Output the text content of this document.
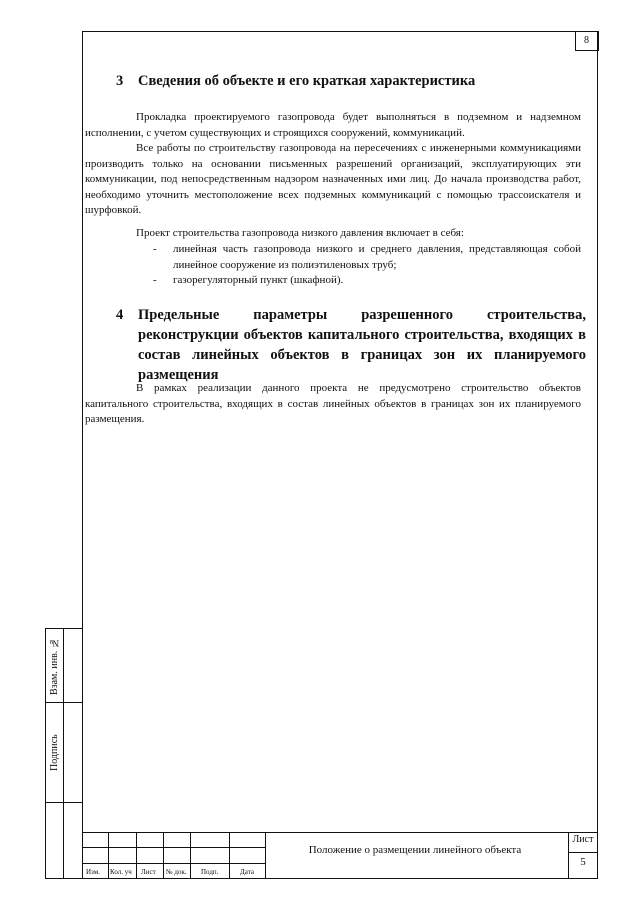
8
3 Сведения об объекте и его краткая характеристика

Прокладка проектируемого газопровода будет выполняться в подземном и надземном исполнении, с учетом существующих и строящихся сооружений, коммуникаций.

Все работы по строительству газопровода на пересечениях с инженерными коммуникациями производить только на основании письменных разрешений организаций, эксплуатирующих эти коммуникации, под непосредственным надзором назначенных ими лиц. До начала производства работ, необходимо уточнить местоположение всех подземных коммуникаций с помощью трассоискателя и шурфовкой.

Проект строительства газопровода низкого давления включает в себя:

- линейная часть газопровода низкого и среднего давления, представляющая собой линейное сооружение из полиэтиленовых труб;
- газорегуляторный пункт (шкафной).
4 Предельные параметры разрешенного строительства, реконструкции объектов капитального строительства, входящих в состав линейных объектов в границах зон их планируемого размещения

В рамках реализации данного проекта не предусмотрено строительство объектов капитального строительства, входящих в состав линейных объектов в границах зон их планируемого размещения.

Взам. инв. №
Подпись
Изм. Кол. уч Лист № док. Подп.	Дата
Положение о размещении линейного объекта
Лист
5
